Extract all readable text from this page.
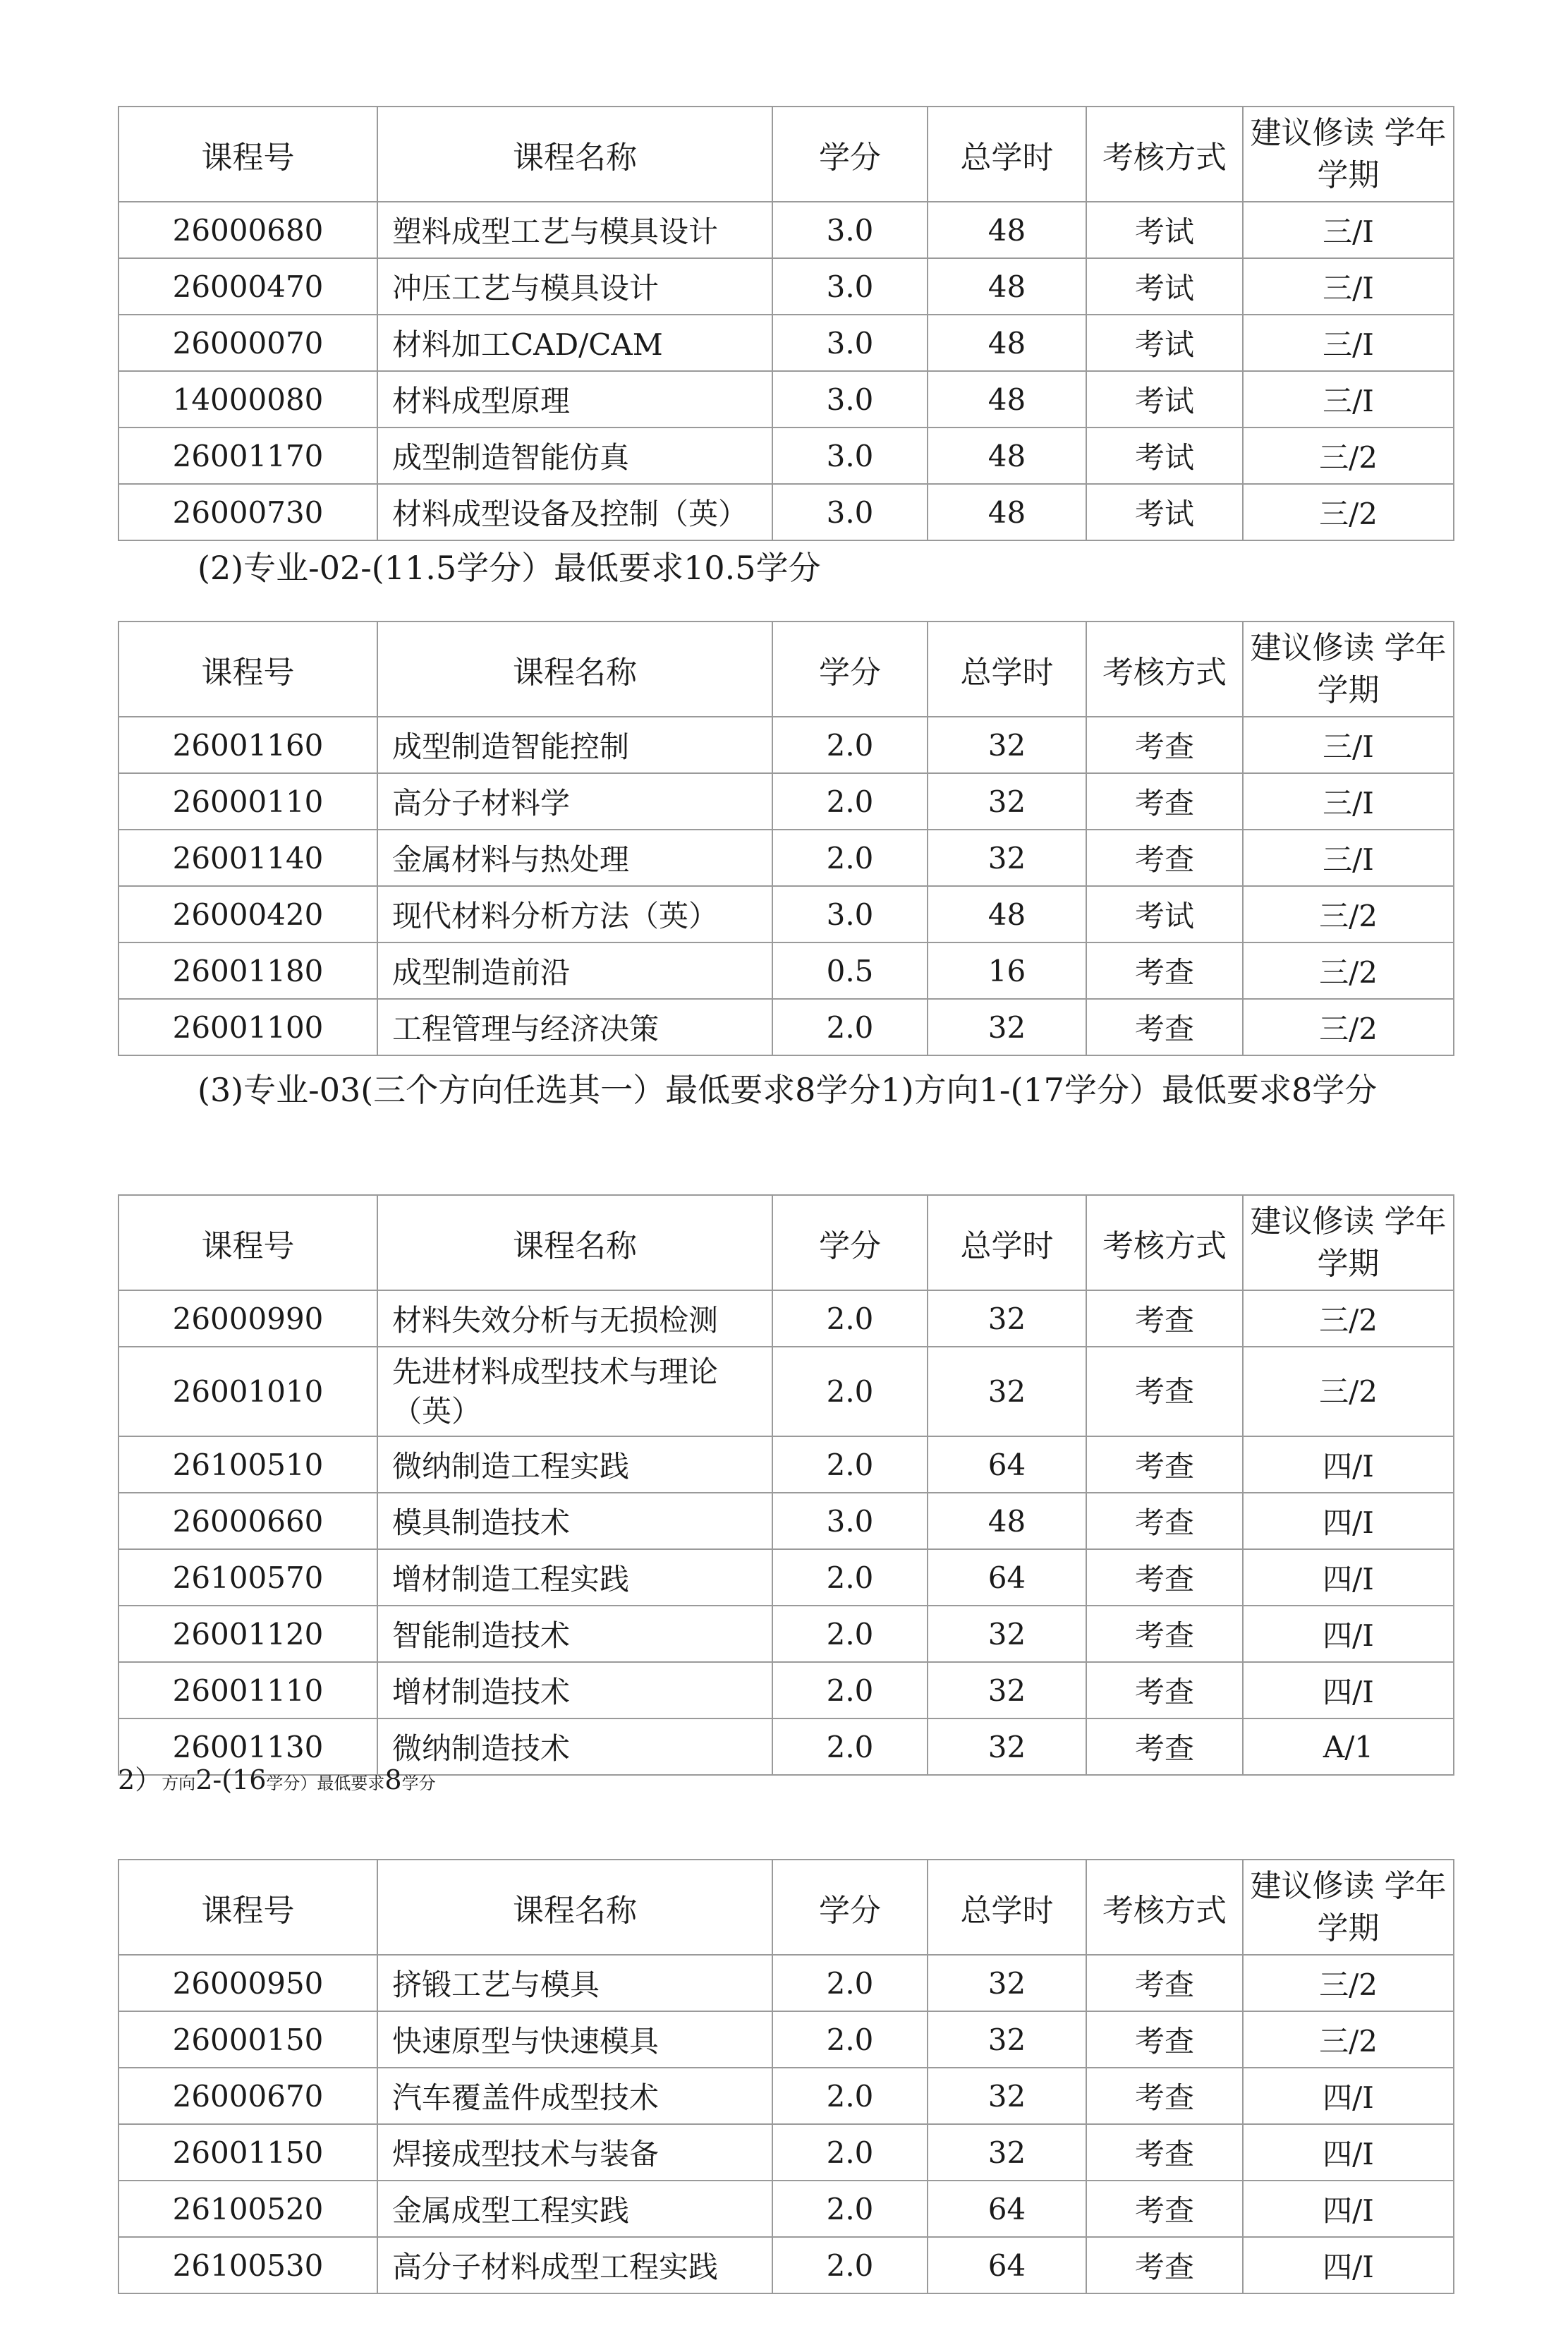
课程号	课程名称	学分	总学时	考核方式	建议修读 学年学期
26000680	塑料成型工艺与模具设计	3.0	48	考试	三/I
26000470	冲压工艺与模具设计	3.0	48	考试	三/I
26000070	材料加工CAD/CAM	3.0	48	考试	三/I
14000080	材料成型原理	3.0	48	考试	三/I
26001170	成型制造智能仿真	3.0	48	考试	三/2
26000730	材料成型设备及控制（英）	3.0	48	考试	三/2
(2)专业-02-(11.5学分）最低要求10.5学分
课程号	课程名称	学分	总学时	考核方式	建议修读 学年学期
26001160	成型制造智能控制	2.0	32	考查	三/I
26000110	高分子材料学	2.0	32	考查	三/I
26001140	金属材料与热处理	2.0	32	考查	三/I
26000420	现代材料分析方法（英）	3.0	48	考试	三/2
26001180	成型制造前沿	0.5	16	考查	三/2
26001100	工程管理与经济决策	2.0	32	考查	三/2
(3)专业-03(三个方向任选其一）最低要求8学分1)方向1-(17学分）最低要求8学分
课程号	课程名称	学分	总学时	考核方式	建议修读 学年学期
26000990	材料失效分析与无损检测	2.0	32	考查	三/2
26001010	先进材料成型技术与理论（英）	2.0	32	考查	三/2
26100510	微纳制造工程实践	2.0	64	考查	四/I
26000660	模具制造技术	3.0	48	考查	四/I
26100570	增材制造工程实践	2.0	64	考查	四/I
26001120	智能制造技术	2.0	32	考查	四/I
26001110	增材制造技术	2.0	32	考查	四/I
26001130	微纳制造技术	2.0	32	考查	A/1
2）方向2-(16学分）最低要求8学分
课程号	课程名称	学分	总学时	考核方式	建议修读 学年学期
26000950	挤锻工艺与模具	2.0	32	考查	三/2
26000150	快速原型与快速模具	2.0	32	考查	三/2
26000670	汽车覆盖件成型技术	2.0	32	考查	四/I
26001150	焊接成型技术与装备	2.0	32	考查	四/I
26100520	金属成型工程实践	2.0	64	考查	四/I
26100530	高分子材料成型工程实践	2.0	64	考查	四/I
